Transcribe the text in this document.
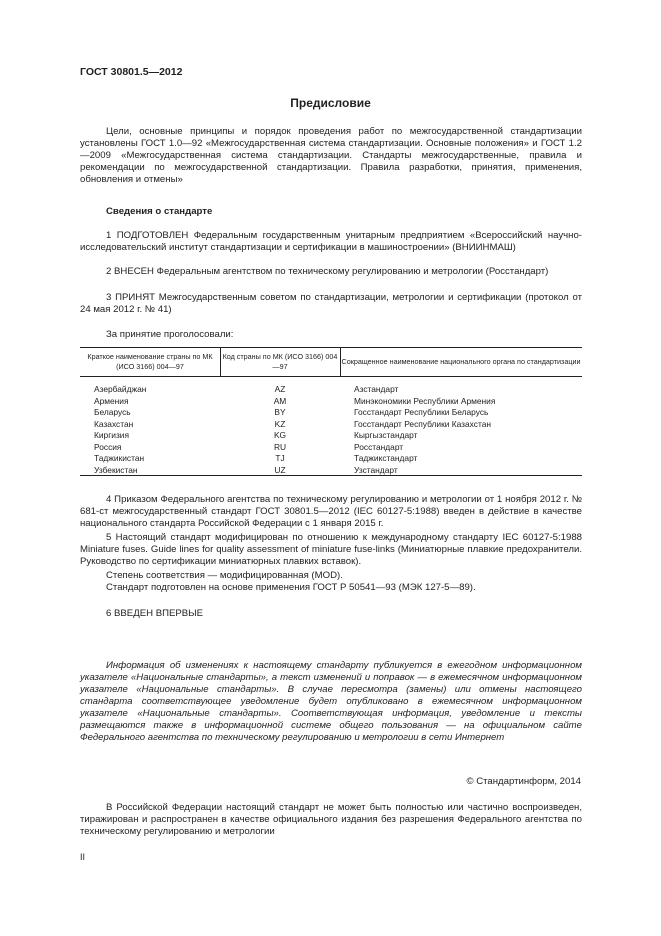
ГОСТ 30801.5—2012
Предисловие
Цели, основные принципы и порядок проведения работ по межгосударственной стандартизации установлены ГОСТ 1.0—92 «Межгосударственная система стандартизации. Основные положения» и ГОСТ 1.2—2009 «Межгосударственная система стандартизации. Стандарты межгосударственные, правила и рекомендации по межгосударственной стандартизации. Правила разработки, принятия, применения, обновления и отмены»
Сведения о стандарте
1 ПОДГОТОВЛЕН Федеральным государственным унитарным предприятием «Всероссийский научно-исследовательский институт стандартизации и сертификации в машиностроении» (ВНИИНМАШ)
2 ВНЕСЕН Федеральным агентством по техническому регулированию и метрологии (Росстандарт)
3 ПРИНЯТ Межгосударственным советом по стандартизации, метрологии и сертификации (протокол от 24 мая 2012 г. № 41)
За принятие проголосовали:
Краткое наименование страны по МК (ИСО 3166) 004—97
Код страны по МК (ИСО 3166) 004—97
Сокращенное наименование национального органа по стандартизации
Азербайджан
Армения
Беларусь
Казахстан
Киргизия
Россия
Таджикистан
Узбекистан
AZ
AM
BY
KZ
KG
RU
TJ
UZ
Азстандарт
Минэкономики Республики Армения
Госстандарт Республики Беларусь
Госстандарт Республики Казахстан
Кыргызстандарт
Росстандарт
Таджикстандарт
Узстандарт
4 Приказом Федерального агентства по техническому регулированию и метрологии от 1 ноября 2012 г. № 681-ст межгосударственный стандарт ГОСТ 30801.5—2012 (IEC 60127-5:1988) введен в действие в качестве национального стандарта Российской Федерации с 1 января 2015 г.
5 Настоящий стандарт модифицирован по отношению к международному стандарту IEC 60127-5:1988 Miniature fuses. Guide lines for quality assessment of miniature fuse-links (Миниатюрные плавкие предохранители. Руководство по сертификации миниатюрных плавких вставок).
Степень соответствия — модифицированная (MOD).
Стандарт подготовлен на основе применения ГОСТ Р 50541—93 (МЭК 127-5—89).
6 ВВЕДЕН ВПЕРВЫЕ
Информация об изменениях к настоящему стандарту публикуется в ежегодном информационном указателе «Национальные стандарты», а текст изменений и поправок — в ежемесячном информационном указателе «Национальные стандарты». В случае пересмотра (замены) или отмены настоящего стандарта соответствующее уведомление будет опубликовано в ежемесячном информационном указателе «Национальные стандарты». Соответствующая информация, уведомление и тексты размещаются также в информационной системе общего пользования — на официальном сайте Федерального агентства по техническому регулированию и метрологии в сети Интернет
© Стандартинформ, 2014
В Российской Федерации настоящий стандарт не может быть полностью или частично воспроизведен, тиражирован и распространен в качестве официального издания без разрешения Федерального агентства по техническому регулированию и метрологии
II
